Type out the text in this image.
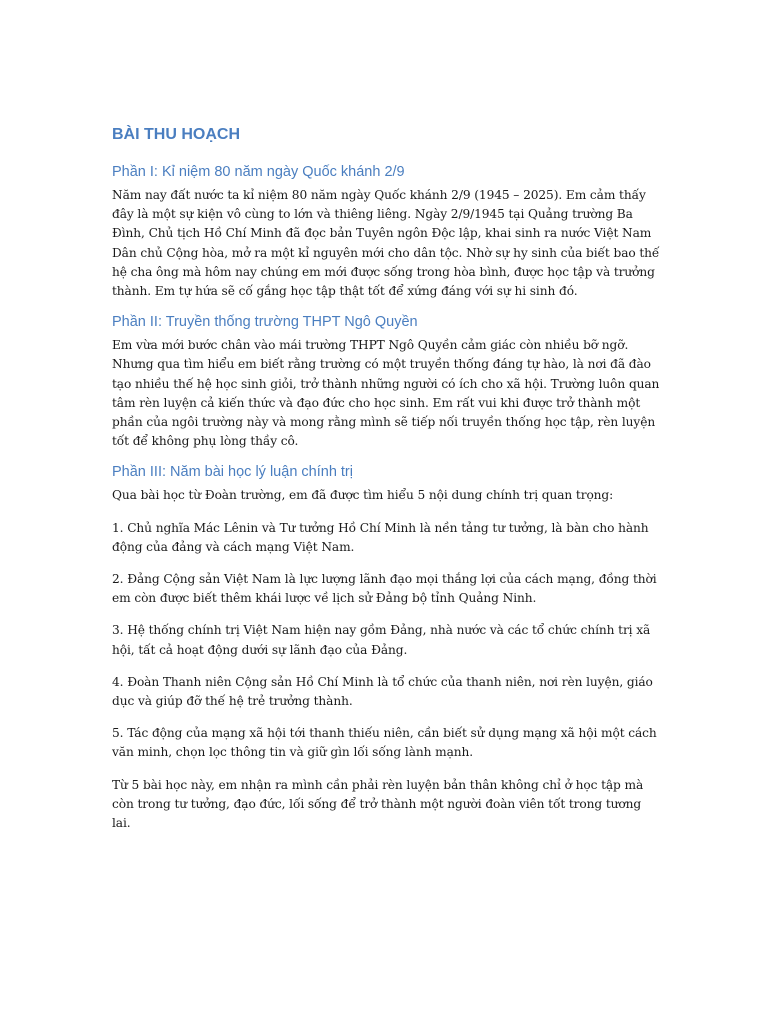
BÀI THU HOẠCH
Phần I: Kỉ niệm 80 năm ngày Quốc khánh 2/9

Năm nay đất nước ta kỉ niệm 80 năm ngày Quốc khánh 2/9 (1945 – 2025). Em cảm thấy đây là một sự kiện vô cùng to lớn và thiêng liêng. Ngày 2/9/1945 tại Quảng trường Ba Đình, Chủ tịch Hồ Chí Minh đã đọc bản Tuyên ngôn Độc lập, khai sinh ra nước Việt Nam Dân chủ Cộng hòa, mở ra một kỉ nguyên mới cho dân tộc. Nhờ sự hy sinh của biết bao thế hệ cha ông mà hôm nay chúng em mới được sống trong hòa bình, được học tập và trưởng thành. Em tự hứa sẽ cố gắng học tập thật tốt để xứng đáng với sự hi sinh đó.

Phần II: Truyền thống trường THPT Ngô Quyền

Em vừa mới bước chân vào mái trường THPT Ngô Quyền cảm giác còn nhiều bỡ ngỡ. Nhưng qua tìm hiểu em biết rằng trường có một truyền thống đáng tự hào, là nơi đã đào tạo nhiều thế hệ học sinh giỏi, trở thành những người có ích cho xã hội. Trường luôn quan tâm rèn luyện cả kiến thức và đạo đức cho học sinh. Em rất vui khi được trở thành một phần của ngôi trường này và mong rằng mình sẽ tiếp nối truyền thống học tập, rèn luyện tốt để không phụ lòng thầy cô.

Phần III: Năm bài học lý luận chính trị

Qua bài học từ Đoàn trường, em đã được tìm hiểu 5 nội dung chính trị quan trọng:

1. Chủ nghĩa Mác Lênin và Tư tưởng Hồ Chí Minh là nền tảng tư tưởng, là bàn cho hành động của đảng và cách mạng Việt Nam.

2. Đảng Cộng sản Việt Nam là lực lượng lãnh đạo mọi thắng lợi của cách mạng, đồng thời em còn được biết thêm khái lược về lịch sử Đảng bộ tỉnh Quảng Ninh.

3. Hệ thống chính trị Việt Nam hiện nay gồm Đảng, nhà nước và các tổ chức chính trị xã hội, tất cả hoạt động dưới sự lãnh đạo của Đảng.

4. Đoàn Thanh niên Cộng sản Hồ Chí Minh là tổ chức của thanh niên, nơi rèn luyện, giáo dục và giúp đỡ thế hệ trẻ trưởng thành.

5. Tác động của mạng xã hội tới thanh thiếu niên, cần biết sử dụng mạng xã hội một cách văn minh, chọn lọc thông tin và giữ gìn lối sống lành mạnh.

Từ 5 bài học này, em nhận ra mình cần phải rèn luyện bản thân không chỉ ở học tập mà còn trong tư tưởng, đạo đức, lối sống để trở thành một người đoàn viên tốt trong tương lai.
